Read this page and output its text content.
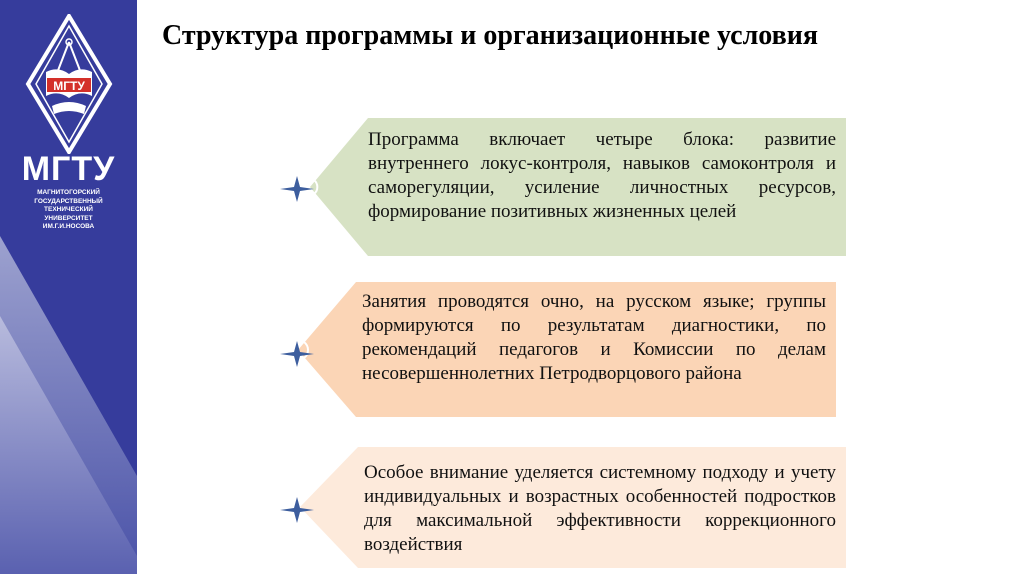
МГТУ
МГТУ
МАГНИТОГОРСКИЙ
ГОСУДАРСТВЕННЫЙ
ТЕХНИЧЕСКИЙ
УНИВЕРСИТЕТ
ИМ.Г.И.НОСОВА
Структура программы и организационные условия
Программа включает четыре блока: развитие внутреннего локус-контроля, навыков самоконтроля и саморегуляции, усиление личностных ресурсов, формирование позитивных жизненных целей
Занятия проводятся очно, на русском языке; группы формируются по результатам диагностики, по рекомендаций педагогов и Комиссии по делам несовершеннолетних Петродворцового района
Особое внимание уделяется системному подходу и учету индивидуальных и возрастных особенностей подростков для максимальной эффективности коррекционного воздействия
